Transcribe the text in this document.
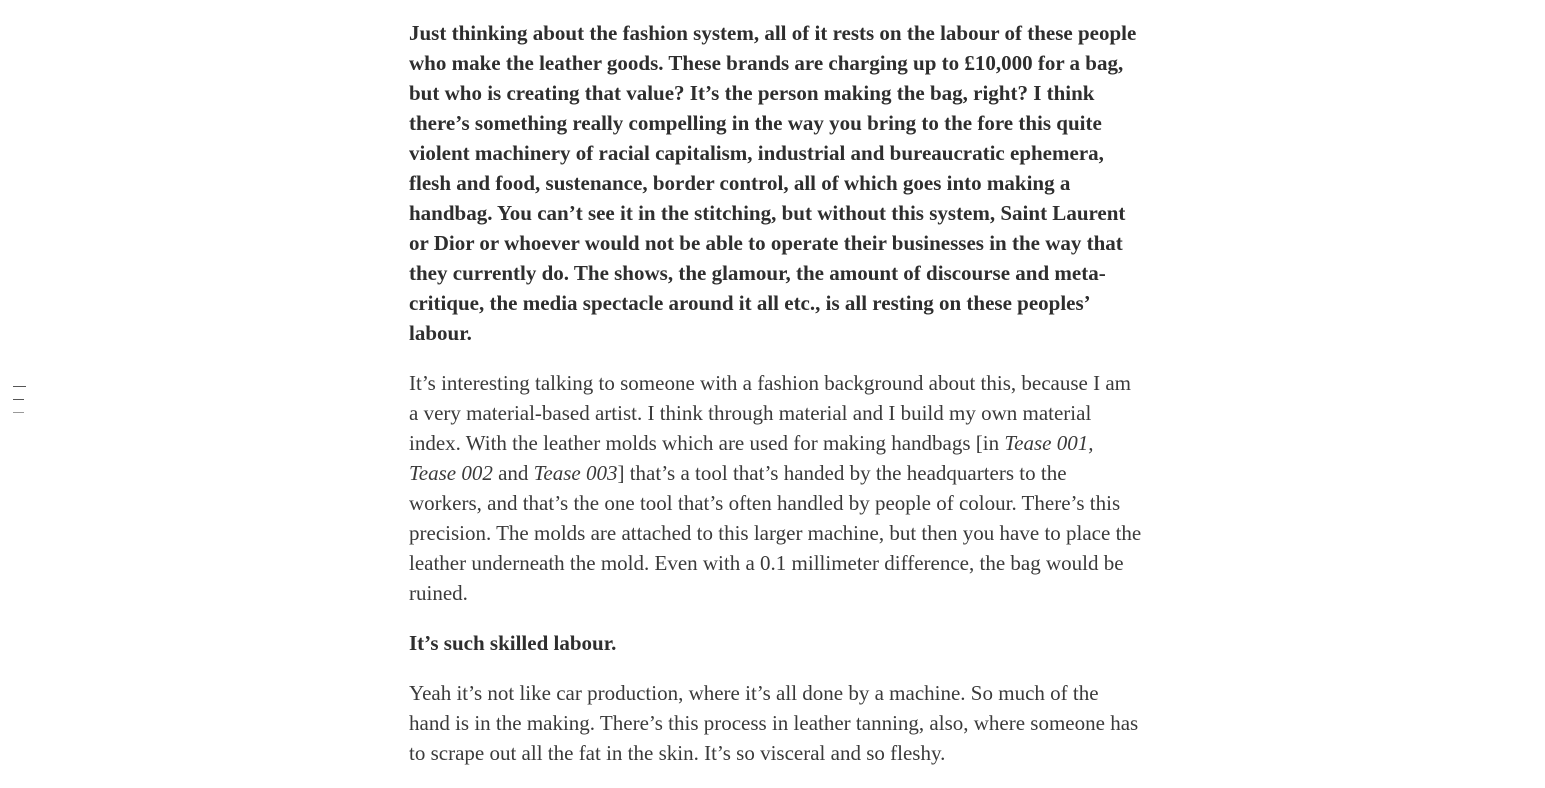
Just thinking about the fashion system, all of it rests on the labour of these people who make the leather goods. These brands are charging up to £10,000 for a bag, but who is creating that value? It’s the person making the bag, right? I think there’s something really compelling in the way you bring to the fore this quite violent machinery of racial capitalism, industrial and bureaucratic ephemera, flesh and food, sustenance, border control, all of which goes into making a handbag. You can’t see it in the stitching, but without this system, Saint Laurent or Dior or whoever would not be able to operate their businesses in the way that they currently do. The shows, the glamour, the amount of discourse and meta-critique, the media spectacle around it all etc., is all resting on these peoples’ labour.

It’s interesting talking to someone with a fashion background about this, because I am a very material-based artist. I think through material and I build my own material index. With the leather molds which are used for making handbags [in Tease 001, Tease 002 and Tease 003] that’s a tool that’s handed by the headquarters to the workers, and that’s the one tool that’s often handled by people of colour. There’s this precision. The molds are attached to this larger machine, but then you have to place the leather underneath the mold. Even with a 0.1 millimeter difference, the bag would be ruined.

It’s such skilled labour.

Yeah it’s not like car production, where it’s all done by a machine. So much of the hand is in the making. There’s this process in leather tanning, also, where someone has to scrape out all the fat in the skin. It’s so visceral and so fleshy.
